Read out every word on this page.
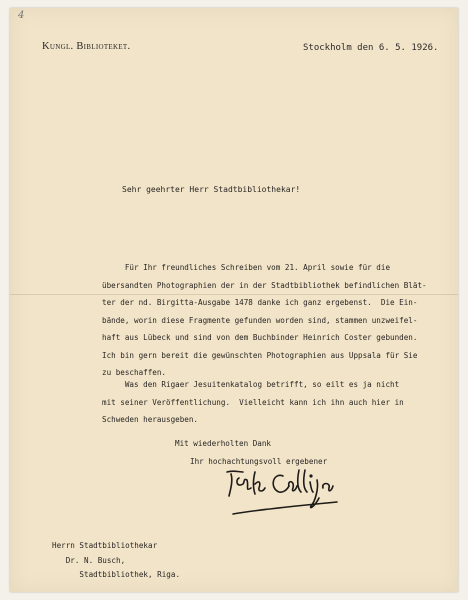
4
Kungl. Biblioteket.	Stockholm den 6. 5. 1926.
Sehr geehrter Herr Stadtbibliothekar!
Für Ihr freundliches Schreiben vom 21. April sowie für die
übersandten Photographien der in der Stadtbibliothek befindlichen Blät-
ter der nd. Birgitta-Ausgabe 1478 danke ich ganz ergebenst.  Die Ein-
bände, worin diese Fragmente gefunden worden sind, stammen unzweifel-
haft aus Lübeck und sind von dem Buchbinder Heinrich Coster gebunden.
Ich bin gern bereit die gewünschten Photographien aus Uppsala für Sie
zu beschaffen.
Was den Rigaer Jesuitenkatalog betrifft, so eilt es ja nicht
mit seiner Veröffentlichung.  Vielleicht kann ich ihn auch hier in
Schweden herausgeben.
Mit wiederholten Dank
Ihr hochachtungsvoll ergebener
Herrn Stadtbibliothekar
Dr. N. Busch,
Stadtbibliothek, Riga.
